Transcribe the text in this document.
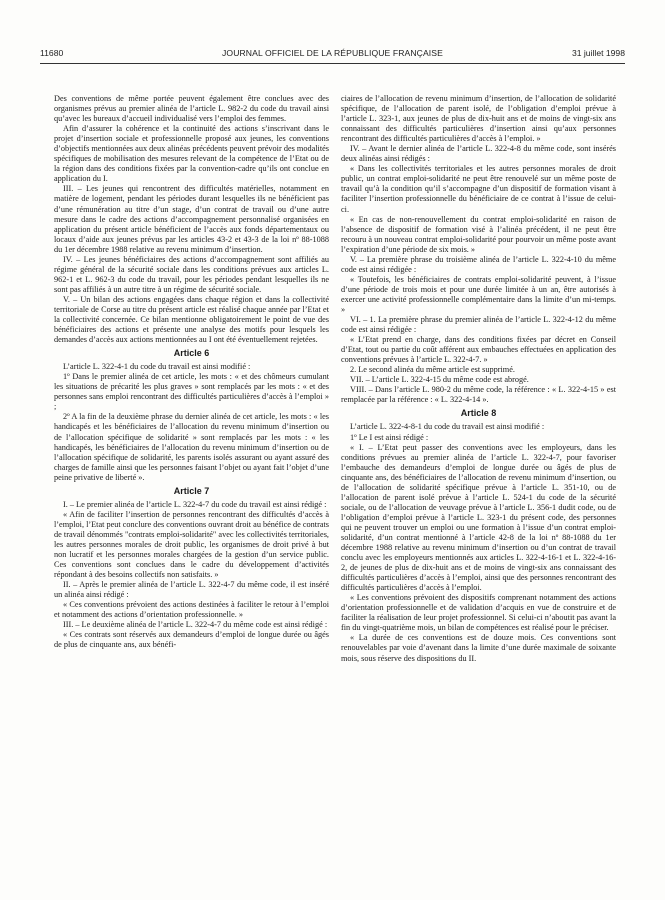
11680	JOURNAL OFFICIEL DE LA RÉPUBLIQUE FRANÇAISE	31 juillet 1998

Des conventions de même portée peuvent également être conclues avec des organismes prévus au premier alinéa de l’article L. 982-2 du code du travail ainsi qu’avec les bureaux d’accueil individualisé vers l’emploi des femmes.

Afin d’assurer la cohérence et la continuité des actions s’inscrivant dans le projet d’insertion sociale et professionnelle proposé aux jeunes, les conventions d’objectifs mentionnées aux deux alinéas précédents peuvent prévoir des modalités spécifiques de mobilisation des mesures relevant de la compétence de l’Etat ou de la région dans des conditions fixées par la convention-cadre qu’ils ont conclue en application du I.

III. – Les jeunes qui rencontrent des difficultés matérielles, notamment en matière de logement, pendant les périodes durant lesquelles ils ne bénéficient pas d’une rémunération au titre d’un stage, d’un contrat de travail ou d’une autre mesure dans le cadre des actions d’accompagnement personnalisé organisées en application du présent article bénéficient de l’accès aux fonds départementaux ou locaux d’aide aux jeunes prévus par les articles 43-2 et 43-3 de la loi nº 88-1088 du 1er décembre 1988 relative au revenu minimum d’insertion.

IV. – Les jeunes bénéficiaires des actions d’accompagnement sont affiliés au régime général de la sécurité sociale dans les conditions prévues aux articles L. 962-1 et L. 962-3 du code du travail, pour les périodes pendant lesquelles ils ne sont pas affiliés à un autre titre à un régime de sécurité sociale.

V. – Un bilan des actions engagées dans chaque région et dans la collectivité territoriale de Corse au titre du présent article est réalisé chaque année par l’Etat et la collectivité concernée. Ce bilan mentionne obligatoirement le point de vue des bénéficiaires des actions et présente une analyse des motifs pour lesquels les demandes d’accès aux actions mentionnées au I ont été éventuellement rejetées.

Article 6

L’article L. 322-4-1 du code du travail est ainsi modifié :

1º Dans le premier alinéa de cet article, les mots : « et des chômeurs cumulant les situations de précarité les plus graves » sont remplacés par les mots : « et des personnes sans emploi rencontrant des difficultés particulières d’accès à l’emploi » ;

2º A la fin de la deuxième phrase du dernier alinéa de cet article, les mots : « les handicapés et les bénéficiaires de l’allocation du revenu minimum d’insertion ou de l’allocation spécifique de solidarité » sont remplacés par les mots : « les handicapés, les bénéficiaires de l’allocation du revenu minimum d’insertion ou de l’allocation spécifique de solidarité, les parents isolés assurant ou ayant assuré des charges de famille ainsi que les personnes faisant l’objet ou ayant fait l’objet d’une peine privative de liberté ».

Article 7

I. – Le premier alinéa de l’article L. 322-4-7 du code du travail est ainsi rédigé :

« Afin de faciliter l’insertion de personnes rencontrant des difficultés d’accès à l’emploi, l’Etat peut conclure des conventions ouvrant droit au bénéfice de contrats de travail dénommés "contrats emploi-solidarité" avec les collectivités territoriales, les autres personnes morales de droit public, les organismes de droit privé à but non lucratif et les personnes morales chargées de la gestion d’un service public. Ces conventions sont conclues dans le cadre du développement d’activités répondant à des besoins collectifs non satisfaits. »

II. – Après le premier alinéa de l’article L. 322-4-7 du même code, il est inséré un alinéa ainsi rédigé :

« Ces conventions prévoient des actions destinées à faciliter le retour à l’emploi et notamment des actions d’orientation professionnelle. »

III. – Le deuxième alinéa de l’article L. 322-4-7 du même code est ainsi rédigé :

« Ces contrats sont réservés aux demandeurs d’emploi de longue durée ou âgés de plus de cinquante ans, aux bénéfi-

ciaires de l’allocation de revenu minimum d’insertion, de l’allocation de solidarité spécifique, de l’allocation de parent isolé, de l’obligation d’emploi prévue à l’article L. 323-1, aux jeunes de plus de dix-huit ans et de moins de vingt-six ans connaissant des difficultés particulières d’insertion ainsi qu’aux personnes rencontrant des difficultés particulières d’accès à l’emploi. »

IV. – Avant le dernier alinéa de l’article L. 322-4-8 du même code, sont insérés deux alinéas ainsi rédigés :

« Dans les collectivités territoriales et les autres personnes morales de droit public, un contrat emploi-solidarité ne peut être renouvelé sur un même poste de travail qu’à la condition qu’il s’accompagne d’un dispositif de formation visant à faciliter l’insertion professionnelle du bénéficiaire de ce contrat à l’issue de celui-ci.

« En cas de non-renouvellement du contrat emploi-solidarité en raison de l’absence de dispositif de formation visé à l’alinéa précédent, il ne peut être recouru à un nouveau contrat emploi-solidarité pour pourvoir un même poste avant l’expiration d’une période de six mois. »

V. – La première phrase du troisième alinéa de l’article L. 322-4-10 du même code est ainsi rédigée :

« Toutefois, les bénéficiaires de contrats emploi-solidarité peuvent, à l’issue d’une période de trois mois et pour une durée limitée à un an, être autorisés à exercer une activité professionnelle complémentaire dans la limite d’un mi-temps. »

VI. – 1. La première phrase du premier alinéa de l’article L. 322-4-12 du même code est ainsi rédigée :

« L’Etat prend en charge, dans des conditions fixées par décret en Conseil d’Etat, tout ou partie du coût afférent aux embauches effectuées en application des conventions prévues à l’article L. 322-4-7. »

2. Le second alinéa du même article est supprimé.

VII. – L’article L. 322-4-15 du même code est abrogé.

VIII. – Dans l’article L. 980-2 du même code, la référence : « L. 322-4-15 » est remplacée par la référence : « L. 322-4-14 ».

Article 8

L’article L. 322-4-8-1 du code du travail est ainsi modifié :

1º Le I est ainsi rédigé :

« I. – L’Etat peut passer des conventions avec les employeurs, dans les conditions prévues au premier alinéa de l’article L. 322-4-7, pour favoriser l’embauche des demandeurs d’emploi de longue durée ou âgés de plus de cinquante ans, des bénéficiaires de l’allocation de revenu minimum d’insertion, ou de l’allocation de solidarité spécifique prévue à l’article L. 351-10, ou de l’allocation de parent isolé prévue à l’article L. 524-1 du code de la sécurité sociale, ou de l’allocation de veuvage prévue à l’article L. 356-1 dudit code, ou de l’obligation d’emploi prévue à l’article L. 323-1 du présent code, des personnes qui ne peuvent trouver un emploi ou une formation à l’issue d’un contrat emploi-solidarité, d’un contrat mentionné à l’article 42-8 de la loi nº 88-1088 du 1er décembre 1988 relative au revenu minimum d’insertion ou d’un contrat de travail conclu avec les employeurs mentionnés aux articles L. 322-4-16-1 et L. 322-4-16-2, de jeunes de plus de dix-huit ans et de moins de vingt-six ans connaissant des difficultés particulières d’accès à l’emploi, ainsi que des personnes rencontrant des difficultés particulières d’accès à l’emploi.

« Les conventions prévoient des dispositifs comprenant notamment des actions d’orientation professionnelle et de validation d’acquis en vue de construire et de faciliter la réalisation de leur projet professionnel. Si celui-ci n’aboutit pas avant la fin du vingt-quatrième mois, un bilan de compétences est réalisé pour le préciser.

« La durée de ces conventions est de douze mois. Ces conventions sont renouvelables par voie d’avenant dans la limite d’une durée maximale de soixante mois, sous réserve des dispositions du II.
